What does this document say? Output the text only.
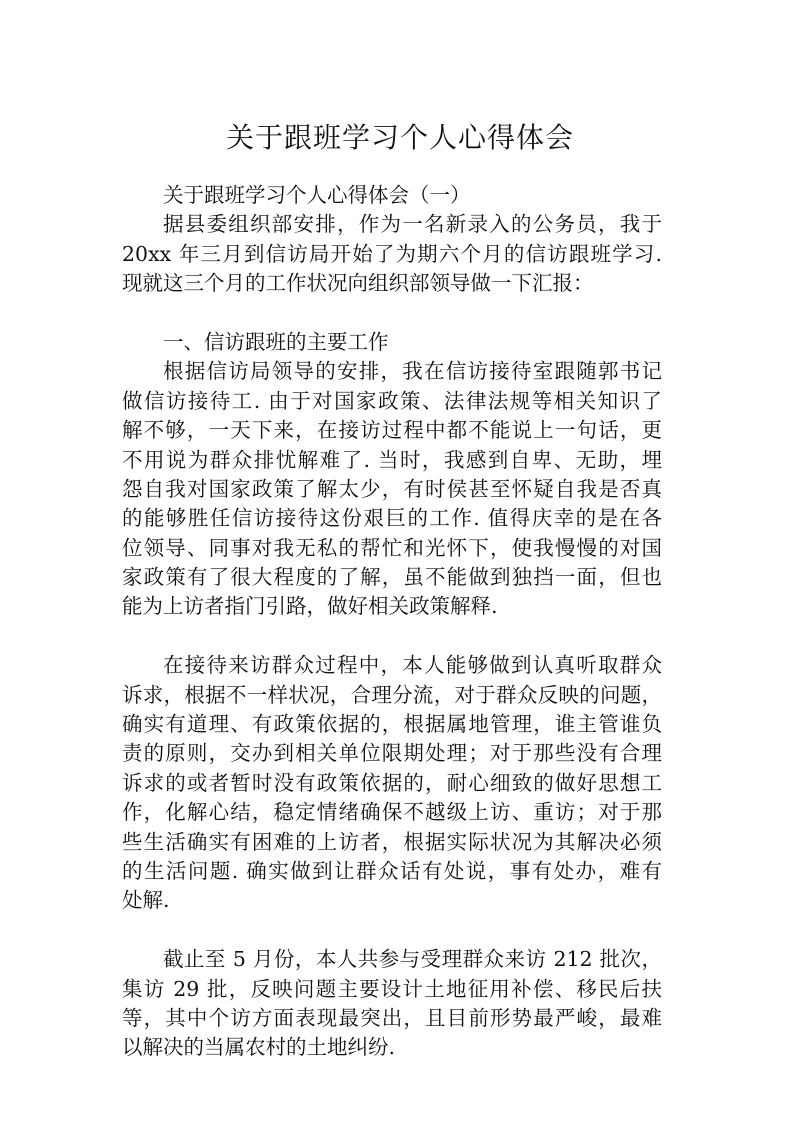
关于跟班学习个人心得体会
关于跟班学习个人心得体会（一）
据县委组织部安排，作为一名新录入的公务员，我于
20xx 年三月到信访局开始了为期六个月的信访跟班学习.
现就这三个月的工作状况向组织部领导做一下汇报：
一、信访跟班的主要工作
根据信访局领导的安排，我在信访接待室跟随郭书记
做信访接待工. 由于对国家政策、法律法规等相关知识了
解不够，一天下来，在接访过程中都不能说上一句话，更
不用说为群众排忧解难了. 当时，我感到自卑、无助，埋
怨自我对国家政策了解太少，有时侯甚至怀疑自我是否真
的能够胜任信访接待这份艰巨的工作. 值得庆幸的是在各
位领导、同事对我无私的帮忙和光怀下，使我慢慢的对国
家政策有了很大程度的了解，虽不能做到独挡一面，但也
能为上访者指门引路，做好相关政策解释.
在接待来访群众过程中，本人能够做到认真听取群众
诉求，根据不一样状况，合理分流，对于群众反映的问题，
确实有道理、有政策依据的，根据属地管理，谁主管谁负
责的原则，交办到相关单位限期处理；对于那些没有合理
诉求的或者暂时没有政策依据的，耐心细致的做好思想工
作，化解心结，稳定情绪确保不越级上访、重访；对于那
些生活确实有困难的上访者，根据实际状况为其解决必须
的生活问题. 确实做到让群众话有处说，事有处办，难有
处解.
截止至 5 月份，本人共参与受理群众来访 212 批次，
集访 29 批，反映问题主要设计土地征用补偿、移民后扶
等，其中个访方面表现最突出，且目前形势最严峻，最难
以解决的当属农村的土地纠纷.
